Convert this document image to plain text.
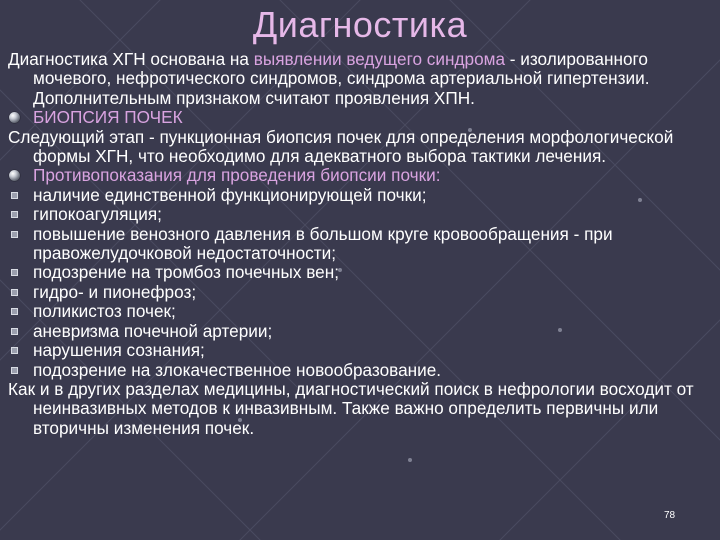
Диагностика
Диагностика ХГН основана на выявлении ведущего синдрома - изолированного мочевого, нефротического синдромов, синдрома артериальной гипертензии. Дополнительным признаком считают проявления ХПН.
БИОПСИЯ ПОЧЕК
Следующий этап - пункционная биопсия почек для определения морфологической формы ХГН, что необходимо для адекватного выбора тактики лечения.
Противопоказания для проведения биопсии почки:
наличие единственной функционирующей почки;
гипокоагуляция;
повышение венозного давления в большом круге кровообращения - при правожелудочковой недостаточности;
подозрение на тромбоз почечных вен;
гидро- и пионефроз;
поликистоз почек;
аневризма почечной артерии;
нарушения сознания;
подозрение на злокачественное новообразование.
Как и в других разделах медицины, диагностический поиск в нефрологии восходит от неинвазивных методов к инвазивным. Также важно определить первичны или вторичны изменения почек.
78
